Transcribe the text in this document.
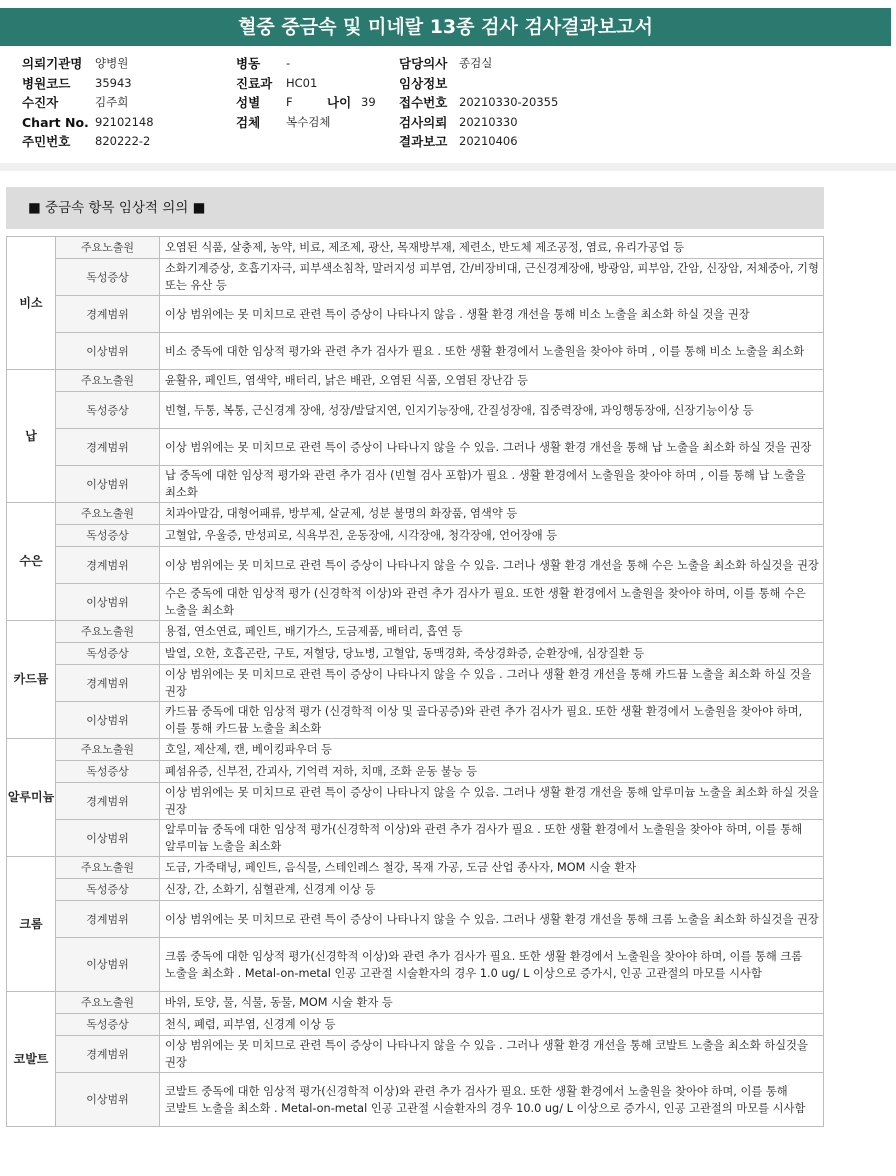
혈중 중금속 및 미네랄 13종 검사 검사결과보고서
의뢰기관명 양병원	병동 -	담당의사 종검실
병원코드 35943	진료과 HC01	임상정보
수진자	김주희	성별 F	나이 39 접수번호 20210330-20355
Chart No. 92102148	검체 복수검체	검사의뢰 20210330
주민번호 820222-2	결과보고 20210406
■ 중금속 항목 임상적 의의 ■
비소	주요노출원	오염된 식품, 살충제, 농약, 비료, 제조제, 광산, 목재방부재, 제련소, 반도체 제조공정, 염료, 유리가공업 등
	독성증상	소화기계증상, 호흡기자극, 피부색소침착, 말러지성 피부염, 간/비장비대, 근신경계장애, 방광암, 피부암, 간암, 신장암, 저체중아, 기형 또는 유산 등
	경계범위	이상 범위에는 못 미치므로 관련 특이 증상이 나타나지 않음 . 생활 환경 개선을 통해 비소 노출을 최소화 하실 것을 권장
	이상범위	비소 중독에 대한 임상적 평가와 관련 추가 검사가 필요 . 또한 생활 환경에서 노출원을 찾아야 하며 , 이를 통해 비소 노출을 최소화
납	주요노출원	윤활유, 페인트, 염색약, 배터리, 낡은 배관, 오염된 식품, 오염된 장난감 등
	독성증상	빈혈, 두통, 복통, 근신경계 장애, 성장/발달지연, 인지기능장애, 간질성장애, 집중력장애, 과잉행동장애, 신장기능이상 등
	경계범위	이상 범위에는 못 미치므로 관련 특이 증상이 나타나지 않을 수 있음. 그러나 생활 환경 개선을 통해 납 노출을 최소화 하실 것을 권장
	이상범위	납 중독에 대한 임상적 평가와 관련 추가 검사 (빈혈 검사 포함)가 필요 . 생활 환경에서 노출원을 찾아야 하며 , 이를 통해 납 노출을 최소화
수은	주요노출원	치과아말감, 대형어패류, 방부제, 살균제, 성분 불명의 화장품, 염색약 등
	독성증상	고혈압, 우울증, 만성피로, 식욕부진, 운동장애, 시각장애, 청각장애, 언어장애 등
	경계범위	이상 범위에는 못 미치므로 관련 특이 증상이 나타나지 않을 수 있음. 그러나 생활 환경 개선을 통해 수은 노출을 최소화 하실것을 권장
	이상범위	수은 중독에 대한 임상적 평가 (신경학적 이상)와 관련 추가 검사가 필요. 또한 생활 환경에서 노출원을 찾아야 하며, 이를 통해 수은 노출을 최소화
카드뮴	주요노출원	용접, 연소연료, 페인트, 배기가스, 도금제품, 배터리, 흡연 등
	독성증상	발열, 오한, 호흡곤란, 구토, 저혈당, 당뇨병, 고혈압, 동맥경화, 죽상경화증, 순환장애, 심장질환 등
	경계범위	이상 범위에는 못 미치므로 관련 특이 증상이 나타나지 않을 수 있음 . 그러나 생활 환경 개선을 통해 카드뮴 노출을 최소화 하실 것을 권장
	이상범위	카드뮴 중독에 대한 임상적 평가 (신경학적 이상 및 골다공증)와 관련 추가 검사가 필요. 또한 생활 환경에서 노출원을 찾아야 하며, 이를 통해 카드뮴 노출을 최소화
알루미늄	주요노출원	호일, 제산제, 캔, 베이킹파우더 등
	독성증상	폐섬유증, 신부전, 간괴사, 기억력 저하, 치매, 조화 운동 불능 등
	경계범위	이상 범위에는 못 미치므로 관련 특이 증상이 나타나지 않을 수 있음. 그러나 생활 환경 개선을 통해 알루미늄 노출을 최소화 하실 것을 권장
	이상범위	알루미늄 중독에 대한 임상적 평가(신경학적 이상)와 관련 추가 검사가 필요 . 또한 생활 환경에서 노출원을 찾아야 하며, 이를 통해 알루미늄 노출을 최소화
크롬	주요노출원	도금, 가죽태닝, 페인트, 음식물, 스테인레스 철강, 목재 가공, 도금 산업 종사자, MOM 시술 환자
	독성증상	신장, 간, 소화기, 심혈관계, 신경계 이상 등
	경계범위	이상 범위에는 못 미치므로 관련 특이 증상이 나타나지 않을 수 있음. 그러나 생활 환경 개선을 통해 크롬 노출을 최소화 하실것을 권장
	이상범위	크롬 중독에 대한 임상적 평가(신경학적 이상)와 관련 추가 검사가 필요. 또한 생활 환경에서 노출원을 찾아야 하며, 이를 통해 크롬 노출을 최소화 . Metal-on-metal 인공 고관절 시술환자의 경우 1.0 ug/ L 이상으로 증가시, 인공 고관절의 마모를 시사함
코발트	주요노출원	바위, 토양, 물, 식물, 동물, MOM 시술 환자 등
	독성증상	천식, 폐렴, 피부염, 신경계 이상 등
	경계범위	이상 범위에는 못 미치므로 관련 특이 증상이 나타나지 않을 수 있음 . 그러나 생활 환경 개선을 통해 코발트 노출을 최소화 하실것을 권장
	이상범위	코발트 중독에 대한 임상적 평가(신경학적 이상)와 관련 추가 검사가 필요. 또한 생활 환경에서 노출원을 찾아야 하며, 이를 통해 코발트 노출을 최소화 . Metal-on-metal 인공 고관절 시술환자의 경우 10.0 ug/ L 이상으로 증가시, 인공 고관절의 마모를 시사함
